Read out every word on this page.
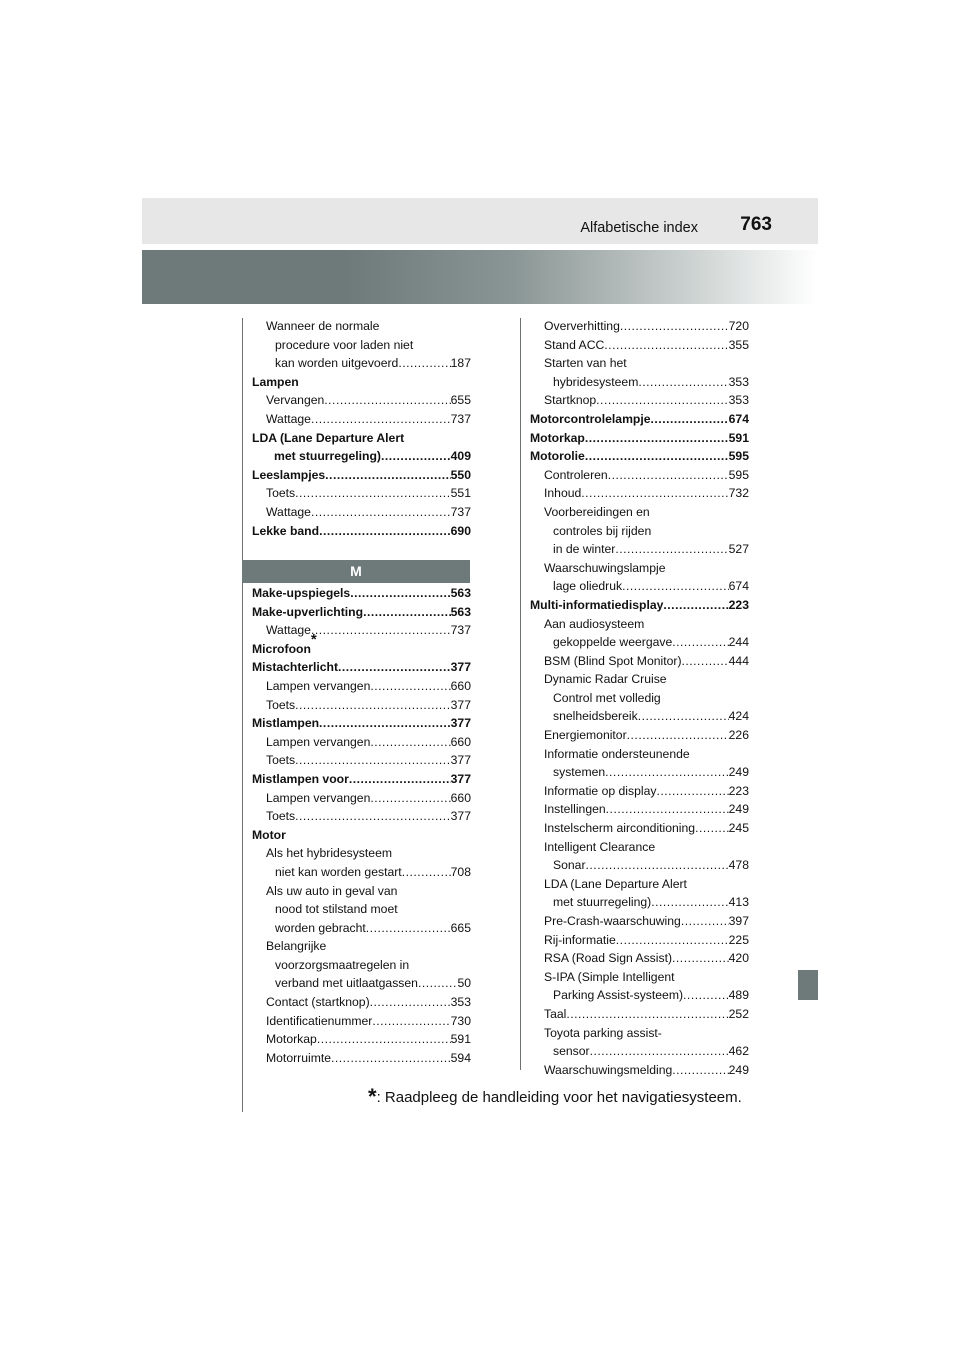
Alfabetische index 763
Wanneer de normale
procedure voor laden niet
kan worden uitgevoerd .....	187
Lampen
Vervangen .....	655
Wattage .....	737
LDA (Lane Departure Alert
met stuurregeling) .....	409
Leeslampjes .....	550
Toets .....	551
Wattage .....	737
Lekke band .....	690
M
Make-upspiegels .....	563
Make-upverlichting .....	563
Wattage .....	737
Microfoon
*
Mistachterlicht .....	377
Lampen vervangen .....	660
Toets .....	377
Mistlampen .....	377
Lampen vervangen .....	660
Toets .....	377
Mistlampen voor .....	377
Lampen vervangen .....	660
Toets .....	377
Motor
Als het hybridesysteem
niet kan worden gestart .....	708
Als uw auto in geval van
nood tot stilstand moet
worden gebracht .....	665
Belangrijke
voorzorgsmaatregelen in
verband met uitlaatgassen .....	50
Contact (startknop) .....	353
Identificatienummer .....	730
Motorkap .....	591
Motorruimte .....	594
Oververhitting .....	720
Stand ACC .....	355
Starten van het
hybridesysteem .....	353
Startknop .....	353
Motorcontrolelampje .....	674
Motorkap .....	591
Motorolie .....	595
Controleren .....	595
Inhoud .....	732
Voorbereidingen en
controles bij rijden
in de winter .....	527
Waarschuwingslampje
lage oliedruk .....	674
Multi-informatiedisplay .....	223
Aan audiosysteem
gekoppelde weergave .....	244
BSM (Blind Spot Monitor) .....	444
Dynamic Radar Cruise
Control met volledig
snelheidsbereik .....	424
Energiemonitor .....	226
Informatie ondersteunende
systemen .....	249
Informatie op display .....	223
Instellingen .....	249
Instelscherm airconditioning .....	245
Intelligent Clearance
Sonar .....	478
LDA (Lane Departure Alert
met stuurregeling) .....	413
Pre-Crash-waarschuwing .....	397
Rij-informatie .....	225
RSA (Road Sign Assist) .....	420
S-IPA (Simple Intelligent
Parking Assist-systeem) .....	489
Taal .....	252
Toyota parking assist-
sensor .....	462
Waarschuwingsmelding .....	249
*: Raadpleeg de handleiding voor het navigatiesysteem.
